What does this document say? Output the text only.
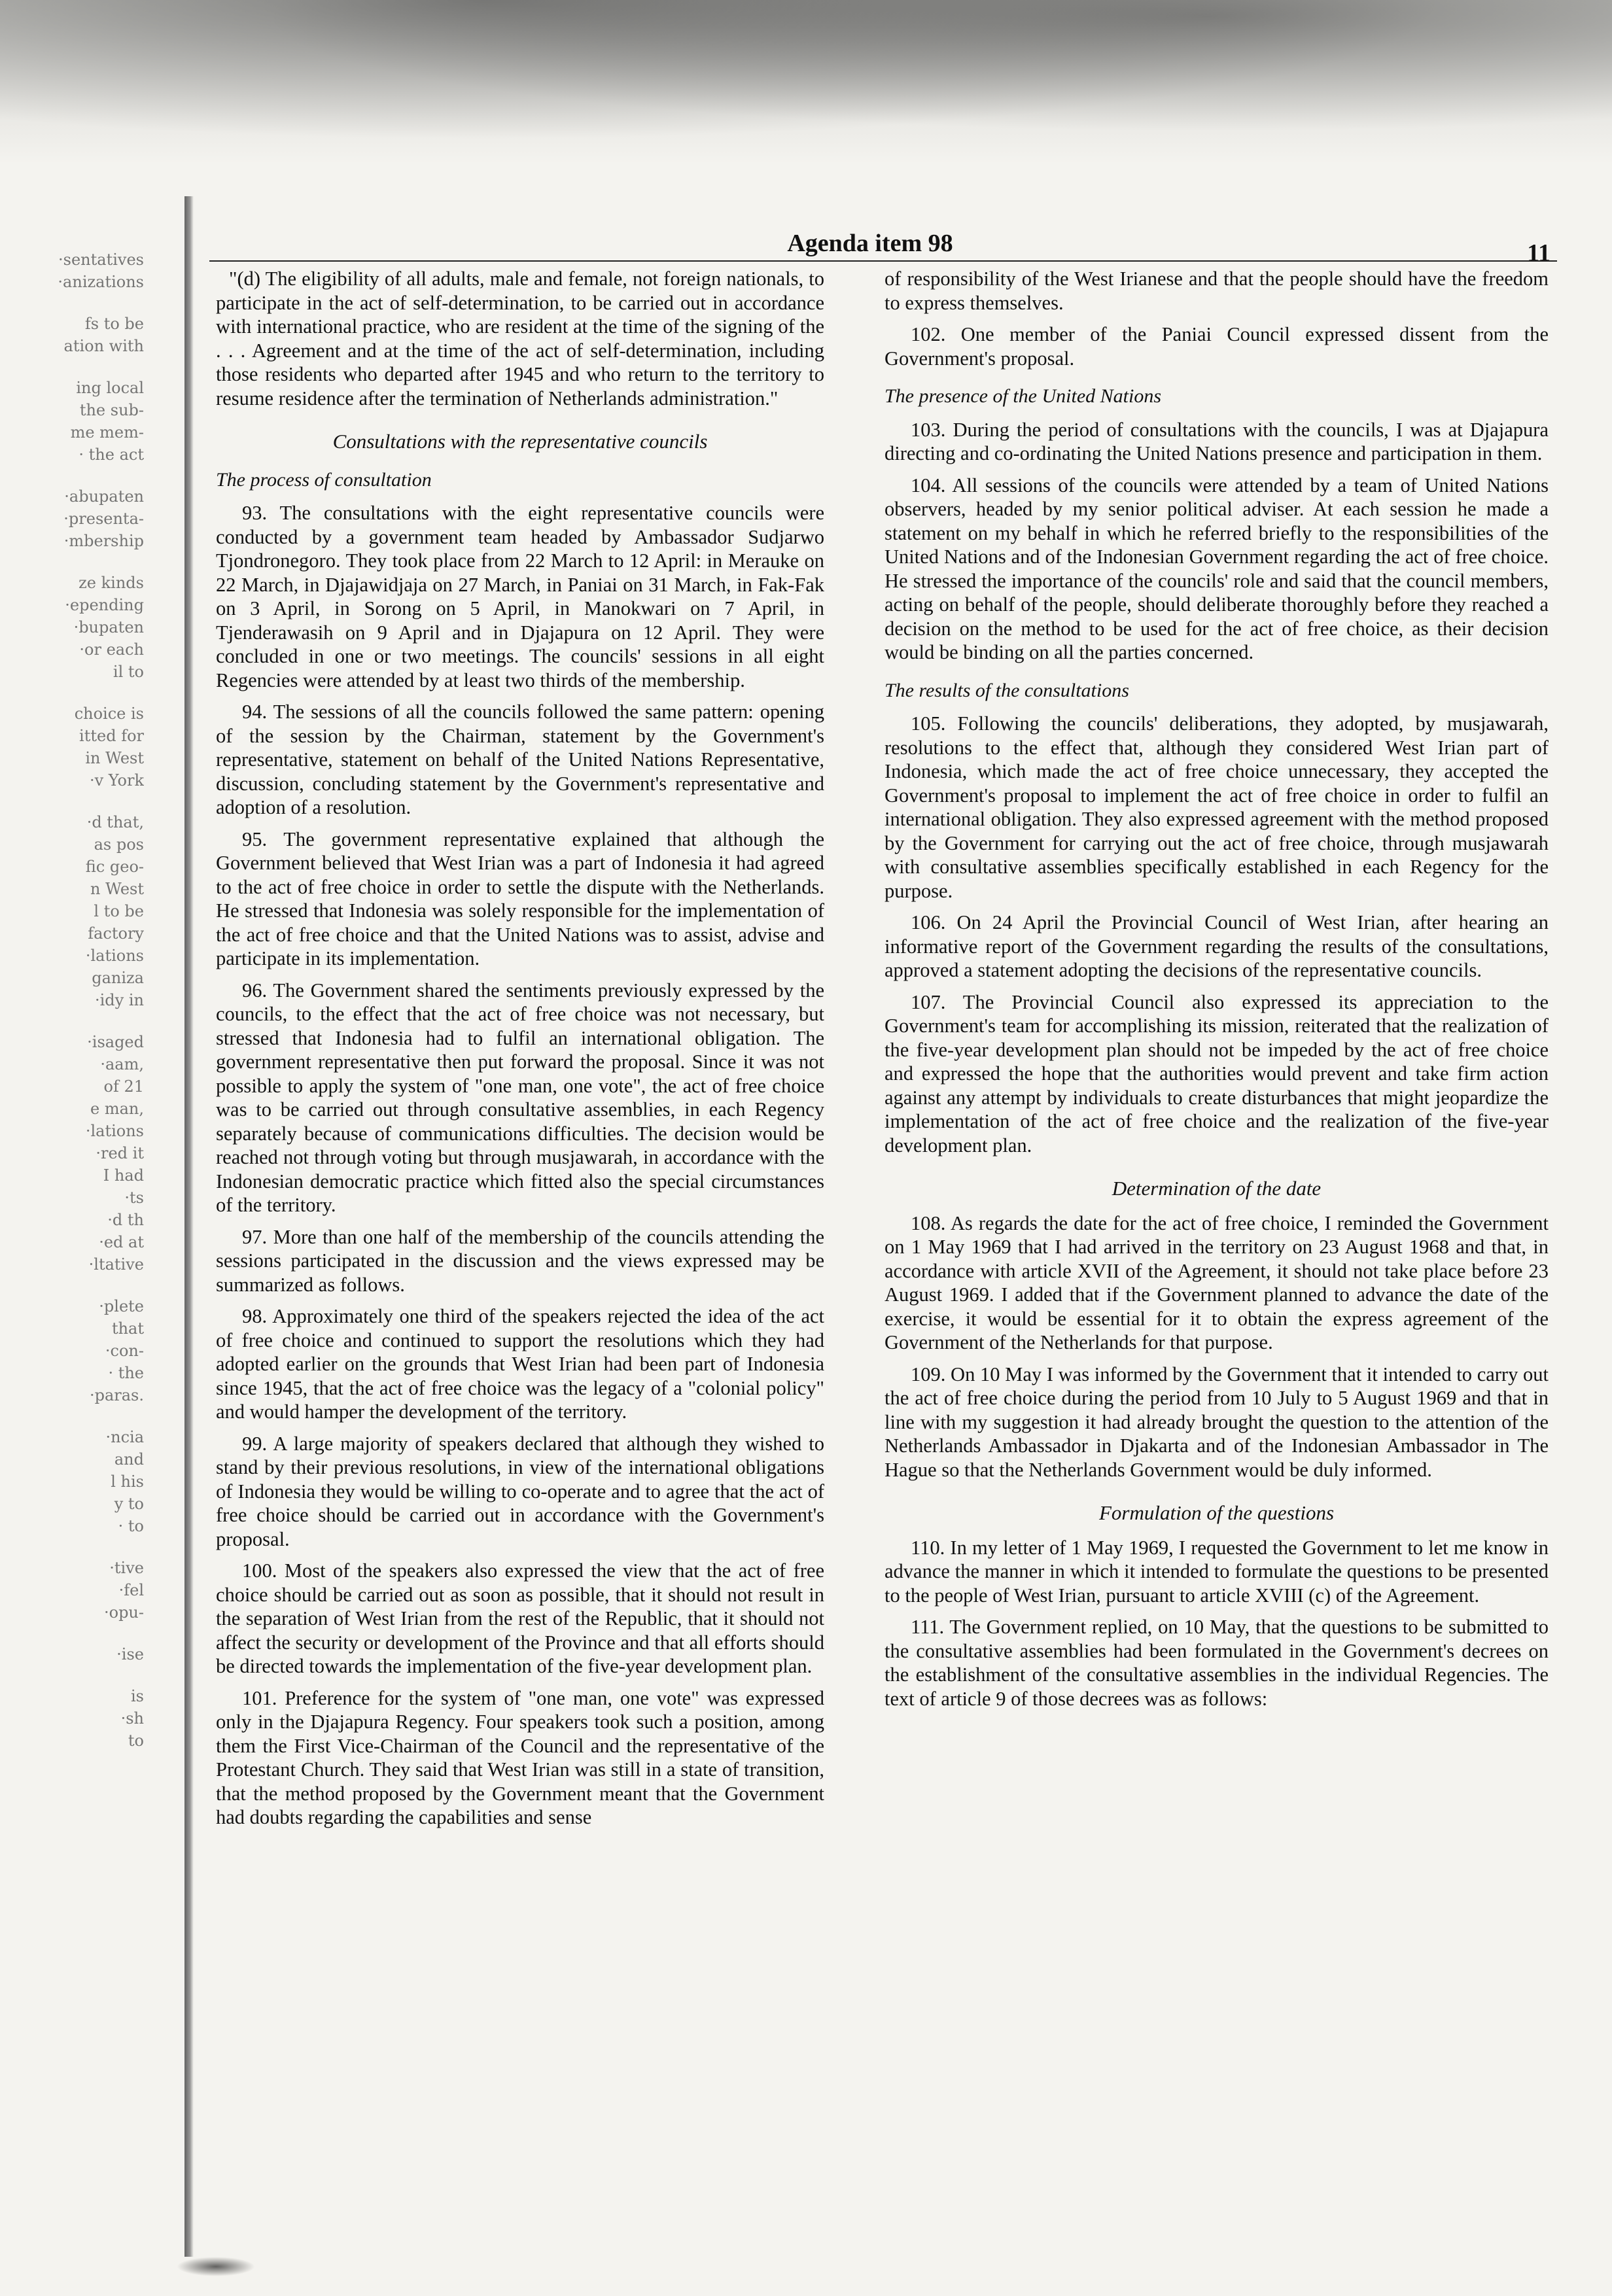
·sentatives
·anizations
fs to be
ation with
ing local
the sub-
me mem-
· the act
·abupaten
·presenta-
·mbership
ze kinds
·epending
·bupaten
·or each
il to
choice is
itted for
in West
·v York
·d that,
as pos
fic geo-
n West
l to be
factory
·lations
ganiza
·idy in
·isaged
·aam,
of 21
e man,
·lations
·red it
I had
·ts
·d th
·ed at
·ltative
·plete
that
·con-
· the
·paras.
·ncia
and
l his
y to
· to
·tive
·fel
·opu-
·ise
is
·sh
to
Agenda item 98	11

"(d) The eligibility of all adults, male and female, not foreign nationals, to participate in the act of self-determination, to be carried out in accordance with international practice, who are resident at the time of the signing of the . . . Agreement and at the time of the act of self-determination, including those residents who departed after 1945 and who return to the territory to resume residence after the termination of Netherlands administration."

Consultations with the representative councils
The process of consultation

93. The consultations with the eight representative councils were conducted by a government team headed by Ambassador Sudjarwo Tjondronegoro. They took place from 22 March to 12 April: in Merauke on 22 March, in Djajawidjaja on 27 March, in Paniai on 31 March, in Fak-Fak on 3 April, in Sorong on 5 April, in Manokwari on 7 April, in Tjenderawasih on 9 April and in Djajapura on 12 April. They were concluded in one or two meetings. The councils' sessions in all eight Regencies were attended by at least two thirds of the membership.

94. The sessions of all the councils followed the same pattern: opening of the session by the Chairman, statement by the Government's representative, statement on behalf of the United Nations Representative, discussion, concluding statement by the Government's representative and adoption of a resolution.

95. The government representative explained that although the Government believed that West Irian was a part of Indonesia it had agreed to the act of free choice in order to settle the dispute with the Netherlands. He stressed that Indonesia was solely responsible for the implementation of the act of free choice and that the United Nations was to assist, advise and participate in its implementation.

96. The Government shared the sentiments previously expressed by the councils, to the effect that the act of free choice was not necessary, but stressed that Indonesia had to fulfil an international obligation. The government representative then put forward the proposal. Since it was not possible to apply the system of "one man, one vote", the act of free choice was to be carried out through consultative assemblies, in each Regency separately because of communications difficulties. The decision would be reached not through voting but through musjawarah, in accordance with the Indonesian democratic practice which fitted also the special circumstances of the territory.

97. More than one half of the membership of the councils attending the sessions participated in the discussion and the views expressed may be summarized as follows.

98. Approximately one third of the speakers rejected the idea of the act of free choice and continued to support the resolutions which they had adopted earlier on the grounds that West Irian had been part of Indonesia since 1945, that the act of free choice was the legacy of a "colonial policy" and would hamper the development of the territory.

99. A large majority of speakers declared that although they wished to stand by their previous resolutions, in view of the international obligations of Indonesia they would be willing to co-operate and to agree that the act of free choice should be carried out in accordance with the Government's proposal.

100. Most of the speakers also expressed the view that the act of free choice should be carried out as soon as possible, that it should not result in the separation of West Irian from the rest of the Republic, that it should not affect the security or development of the Province and that all efforts should be directed towards the implementation of the five-year development plan.

101. Preference for the system of "one man, one vote" was expressed only in the Djajapura Regency. Four speakers took such a position, among them the First Vice-Chairman of the Council and the representative of the Protestant Church. They said that West Irian was still in a state of transition, that the method proposed by the Government meant that the Government had doubts regarding the capabilities and sense

of responsibility of the West Irianese and that the people should have the freedom to express themselves.

102. One member of the Paniai Council expressed dissent from the Government's proposal.

The presence of the United Nations

103. During the period of consultations with the councils, I was at Djajapura directing and co-ordinating the United Nations presence and participation in them.

104. All sessions of the councils were attended by a team of United Nations observers, headed by my senior political adviser. At each session he made a statement on my behalf in which he referred briefly to the responsibilities of the United Nations and of the Indonesian Government regarding the act of free choice. He stressed the importance of the councils' role and said that the council members, acting on behalf of the people, should deliberate thoroughly before they reached a decision on the method to be used for the act of free choice, as their decision would be binding on all the parties concerned.

The results of the consultations

105. Following the councils' deliberations, they adopted, by musjawarah, resolutions to the effect that, although they considered West Irian part of Indonesia, which made the act of free choice unnecessary, they accepted the Government's proposal to implement the act of free choice in order to fulfil an international obligation. They also expressed agreement with the method proposed by the Government for carrying out the act of free choice, through musjawarah with consultative assemblies specifically established in each Regency for the purpose.

106. On 24 April the Provincial Council of West Irian, after hearing an informative report of the Government regarding the results of the consultations, approved a statement adopting the decisions of the representative councils.

107. The Provincial Council also expressed its appreciation to the Government's team for accomplishing its mission, reiterated that the realization of the five-year development plan should not be impeded by the act of free choice and expressed the hope that the authorities would prevent and take firm action against any attempt by individuals to create disturbances that might jeopardize the implementation of the act of free choice and the realization of the five-year development plan.

Determination of the date

108. As regards the date for the act of free choice, I reminded the Government on 1 May 1969 that I had arrived in the territory on 23 August 1968 and that, in accordance with article XVII of the Agreement, it should not take place before 23 August 1969. I added that if the Government planned to advance the date of the exercise, it would be essential for it to obtain the express agreement of the Government of the Netherlands for that purpose.

109. On 10 May I was informed by the Government that it intended to carry out the act of free choice during the period from 10 July to 5 August 1969 and that in line with my suggestion it had already brought the question to the attention of the Netherlands Ambassador in Djakarta and of the Indonesian Ambassador in The Hague so that the Netherlands Government would be duly informed.

Formulation of the questions

110. In my letter of 1 May 1969, I requested the Government to let me know in advance the manner in which it intended to formulate the questions to be presented to the people of West Irian, pursuant to article XVIII (c) of the Agreement.

111. The Government replied, on 10 May, that the questions to be submitted to the consultative assemblies had been formulated in the Government's decrees on the establishment of the consultative assemblies in the individual Regencies. The text of article 9 of those decrees was as follows:
